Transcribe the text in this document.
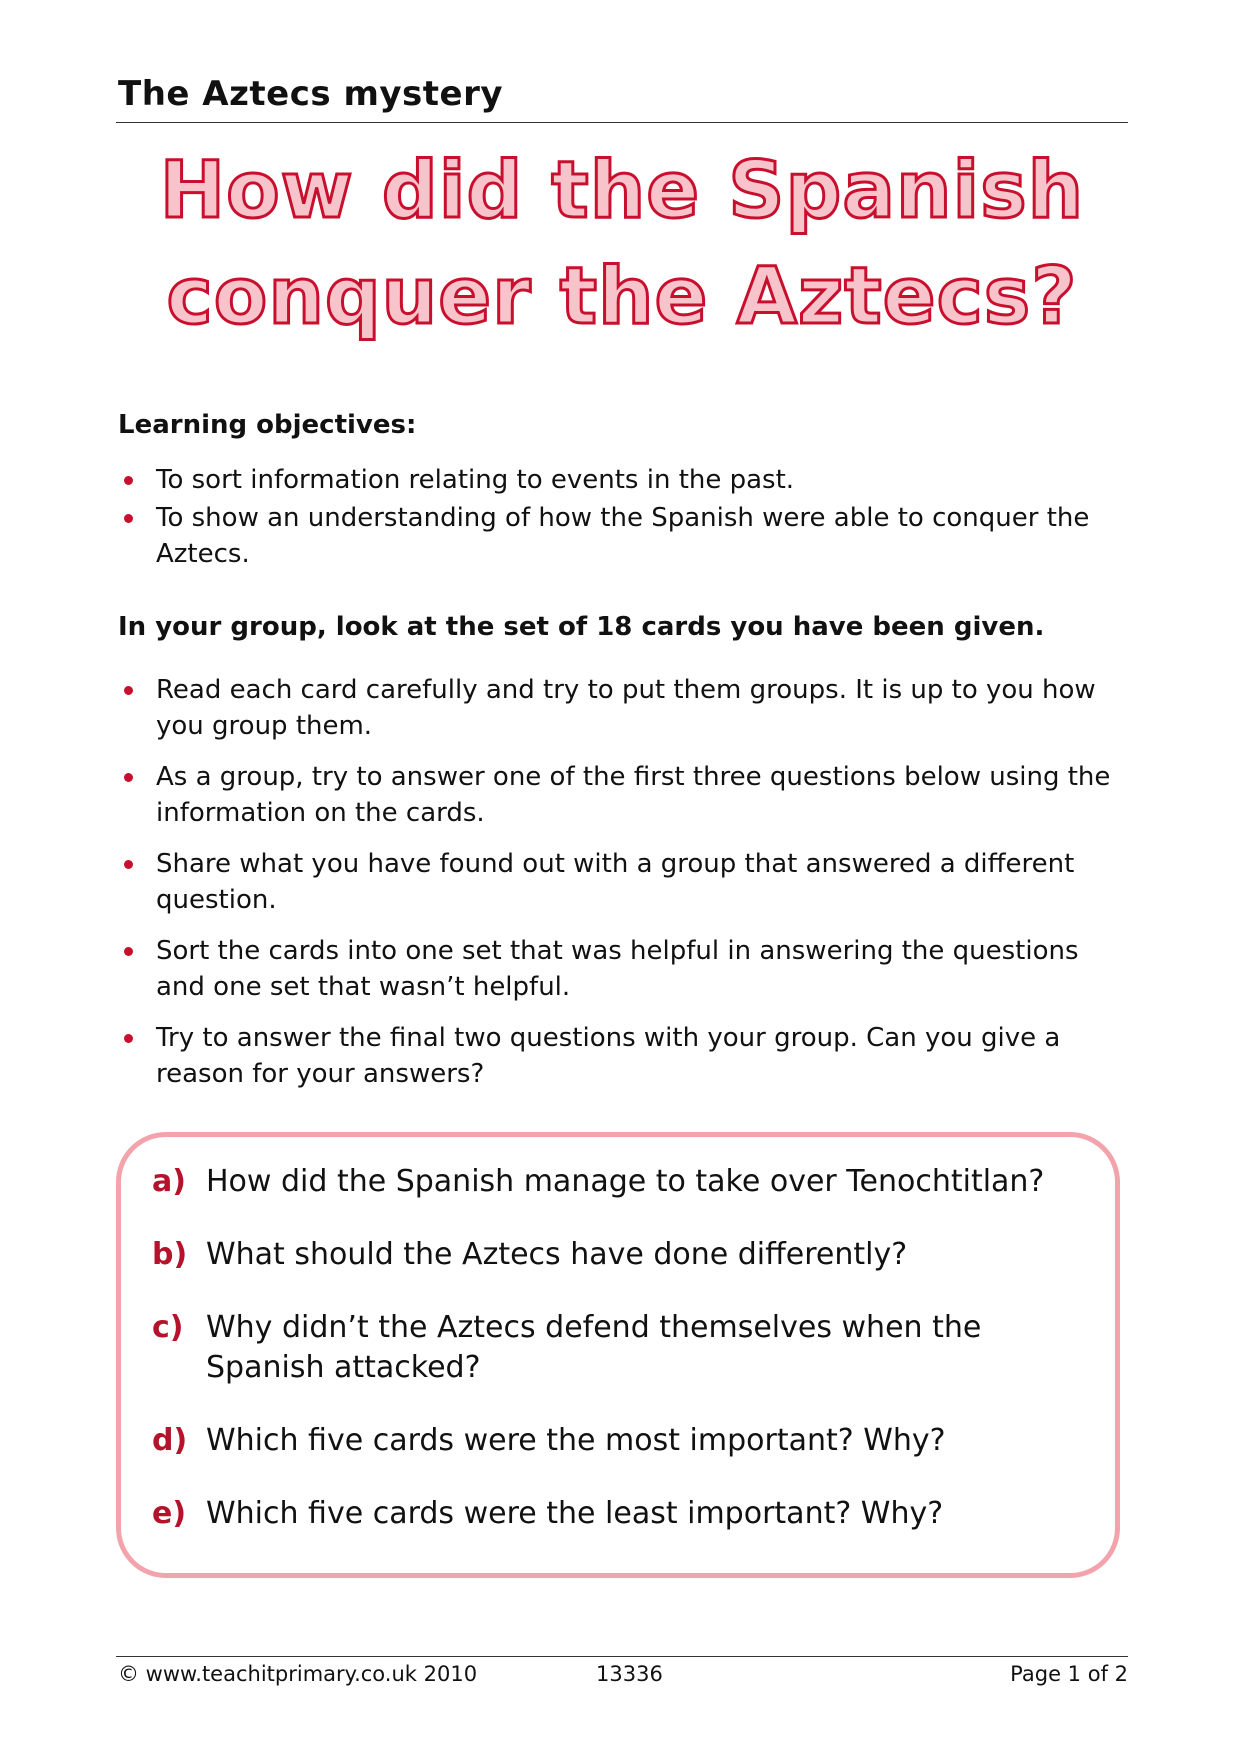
The Aztecs mystery
How did the Spanish
conquer the Aztecs?
Learning objectives:
To sort information relating to events in the past.
To show an understanding of how the Spanish were able to conquer the Aztecs.
In your group, look at the set of 18 cards you have been given.
Read each card carefully and try to put them groups. It is up to you how you group them.
As a group, try to answer one of the first three questions below using the information on the cards.
Share what you have found out with a group that answered a different question.
Sort the cards into one set that was helpful in answering the questions and one set that wasn’t helpful.
Try to answer the final two questions with your group. Can you give a reason for your answers?
a) How did the Spanish manage to take over Tenochtitlan?
b) What should the Aztecs have done differently?
c) Why didn’t the Aztecs defend themselves when the Spanish attacked?
d) Which five cards were the most important? Why?
e) Which five cards were the least important? Why?
© www.teachitprimary.co.uk 2010	13336	Page 1 of 2
